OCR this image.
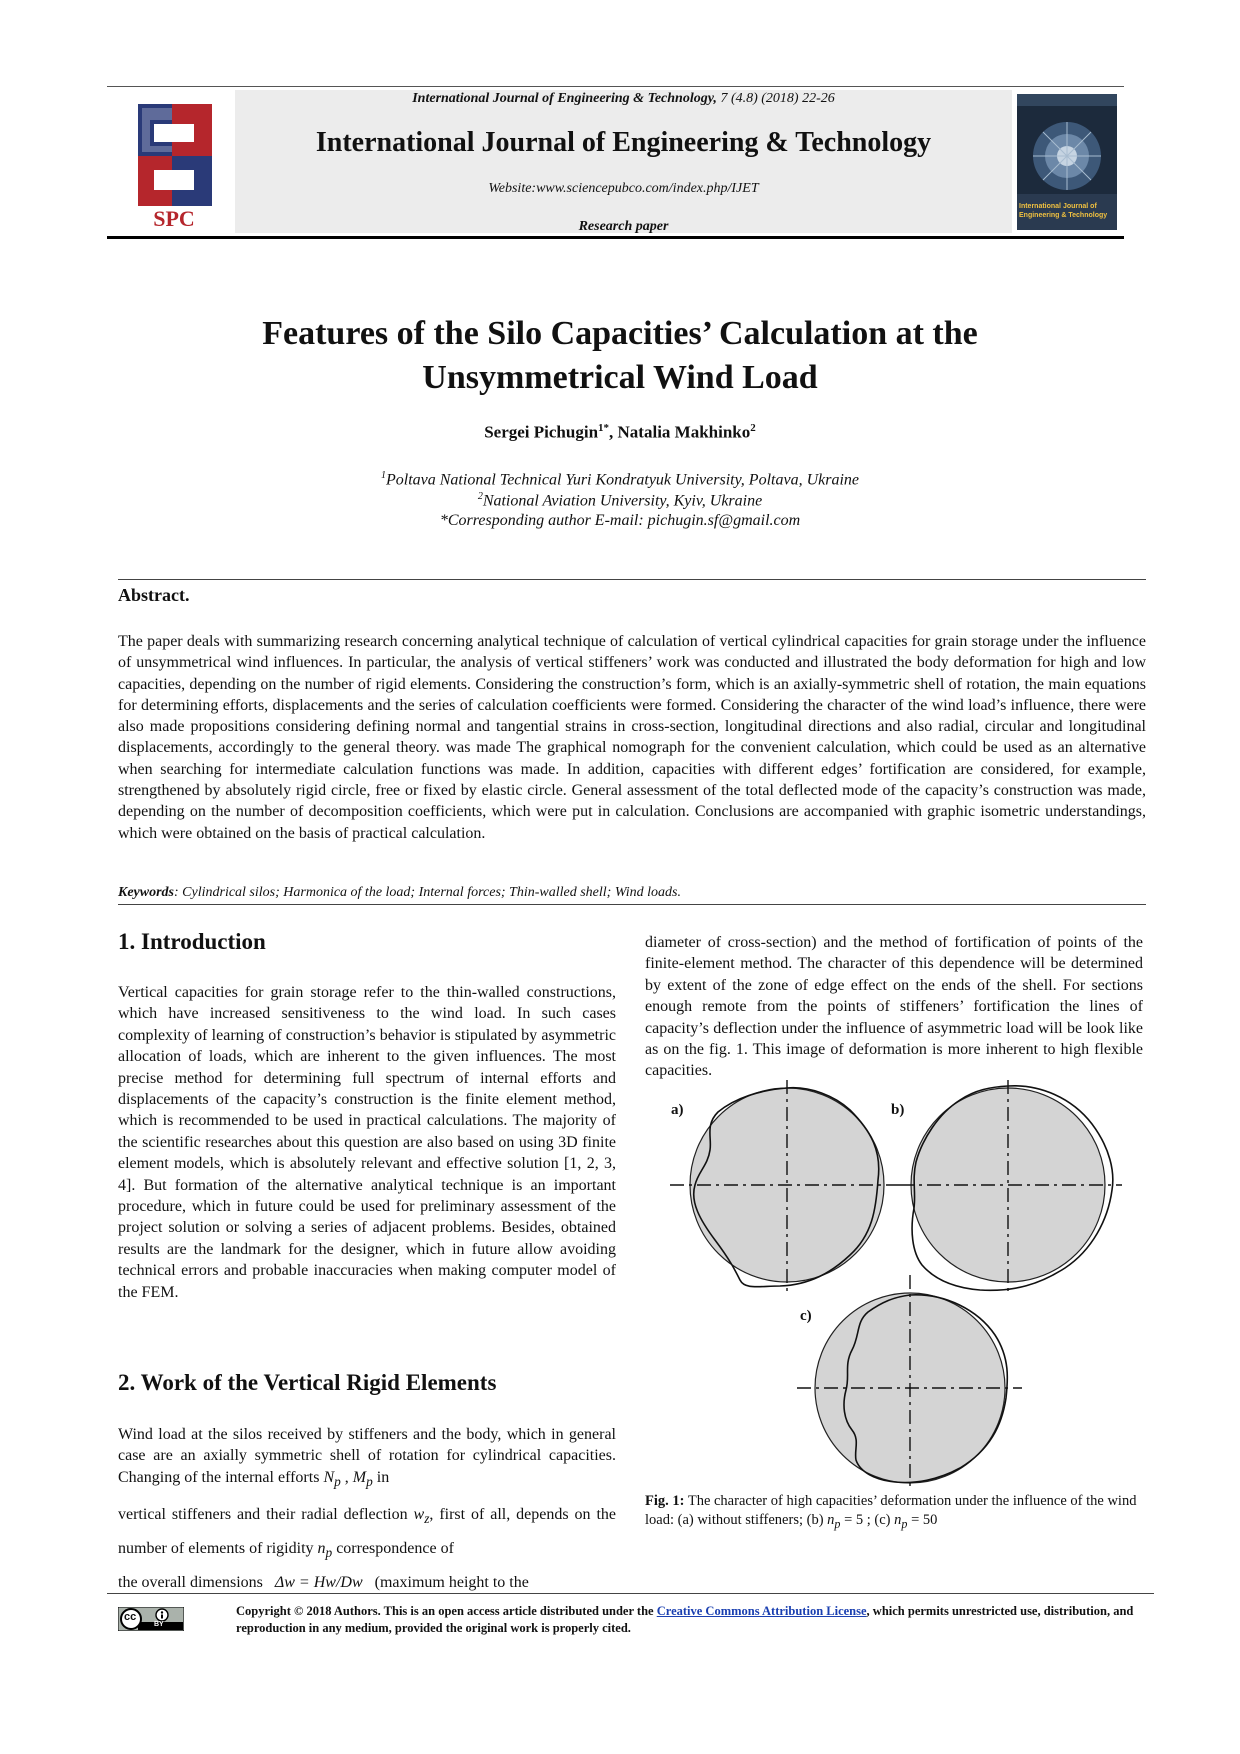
SPC
International Journal of Engineering & Technology, 7 (4.8) (2018) 22-26
International Journal of Engineering & Technology
Website:www.sciencepubco.com/index.php/IJET
Research paper
International Journal of Engineering & Technology
Features of the Silo Capacities’ Calculation at the
Unsymmetrical Wind Load
Sergei Pichugin$^{1*}$, Natalia Makhinko$^2$
$^1$Poltava National Technical Yuri Kondratyuk University, Poltava, Ukraine
$^2$National Aviation University, Kyiv, Ukraine
*Corresponding author E-mail: pichugin.sf@gmail.com
Abstract.
The paper deals with summarizing research concerning analytical technique of calculation of vertical cylindrical capacities for grain storage under the influence of unsymmetrical wind influences. In particular, the analysis of vertical stiffeners’ work was conducted and illustrated the body deformation for high and low capacities, depending on the number of rigid elements. Considering the construction’s form, which is an axially-symmetric shell of rotation, the main equations for determining efforts, displacements and the series of calculation coefficients were formed. Considering the character of the wind load’s influence, there were also made propositions considering defining normal and tangential strains in cross-section, longitudinal directions and also radial, circular and longitudinal displacements, accordingly to the general theory. was made The graphical nomograph for the convenient calculation, which could be used as an alternative when searching for intermediate calculation functions was made. In addition, capacities with different edges’ fortification are considered, for example, strengthened by absolutely rigid circle, free or fixed by elastic circle. General assessment of the total deflected mode of the capacity’s construction was made, depending on the number of decomposition coefficients, which were put in calculation. Conclusions are accompanied with graphic isometric understandings, which were obtained on the basis of practical calculation.
Keywords: Cylindrical silos; Harmonica of the load; Internal forces; Thin-walled shell; Wind loads.
1. Introduction
Vertical capacities for grain storage refer to the thin-walled constructions, which have increased sensitiveness to the wind load. In such cases complexity of learning of construction’s behavior is stipulated by asymmetric allocation of loads, which are inherent to the given influences. The most precise method for determining full spectrum of internal efforts and displacements of the capacity’s construction is the finite element method, which is recommended to be used in practical calculations. The majority of the scientific researches about this question are also based on using 3D finite element models, which is absolutely relevant and effective solution [1, 2, 3, 4]. But formation of the alternative analytical technique is an important procedure, which in future could be used for preliminary assessment of the project solution or solving a series of adjacent problems. Besides, obtained results are the landmark for the designer, which in future allow avoiding technical errors and probable inaccuracies when making computer model of the FEM.
2. Work of the Vertical Rigid Elements
Wind load at the silos received by stiffeners and the body, which in general case are an axially symmetric shell of rotation for cylindrical capacities. Changing of the internal efforts $N_p$ , $M_p$ in
vertical stiffeners and their radial deflection $w_z$, first of all, depends on the number of elements of rigidity $n_p$ correspondence of
the overall dimensions Δw = Hw/Dw (maximum height to the
diameter of cross-section) and the method of fortification of points of the finite-element method. The character of this dependence will be determined by extent of the zone of edge effect on the ends of the shell. For sections enough remote from the points of stiffeners’ fortification the lines of capacity’s deflection under the influence of asymmetric load will be look like as on the fig. 1. This image of deformation is more inherent to high flexible capacities.
a)	b)
c)
Fig. 1: The character of high capacities’ deformation under the influence of the wind load: (a) without stiffeners; (b) $n_p = 5$ ; (c) $n_p = 50$
cc
BY
Copyright © 2018 Authors. This is an open access article distributed under the Creative Commons Attribution License, which permits unrestricted use, distribution, and reproduction in any medium, provided the original work is properly cited.
